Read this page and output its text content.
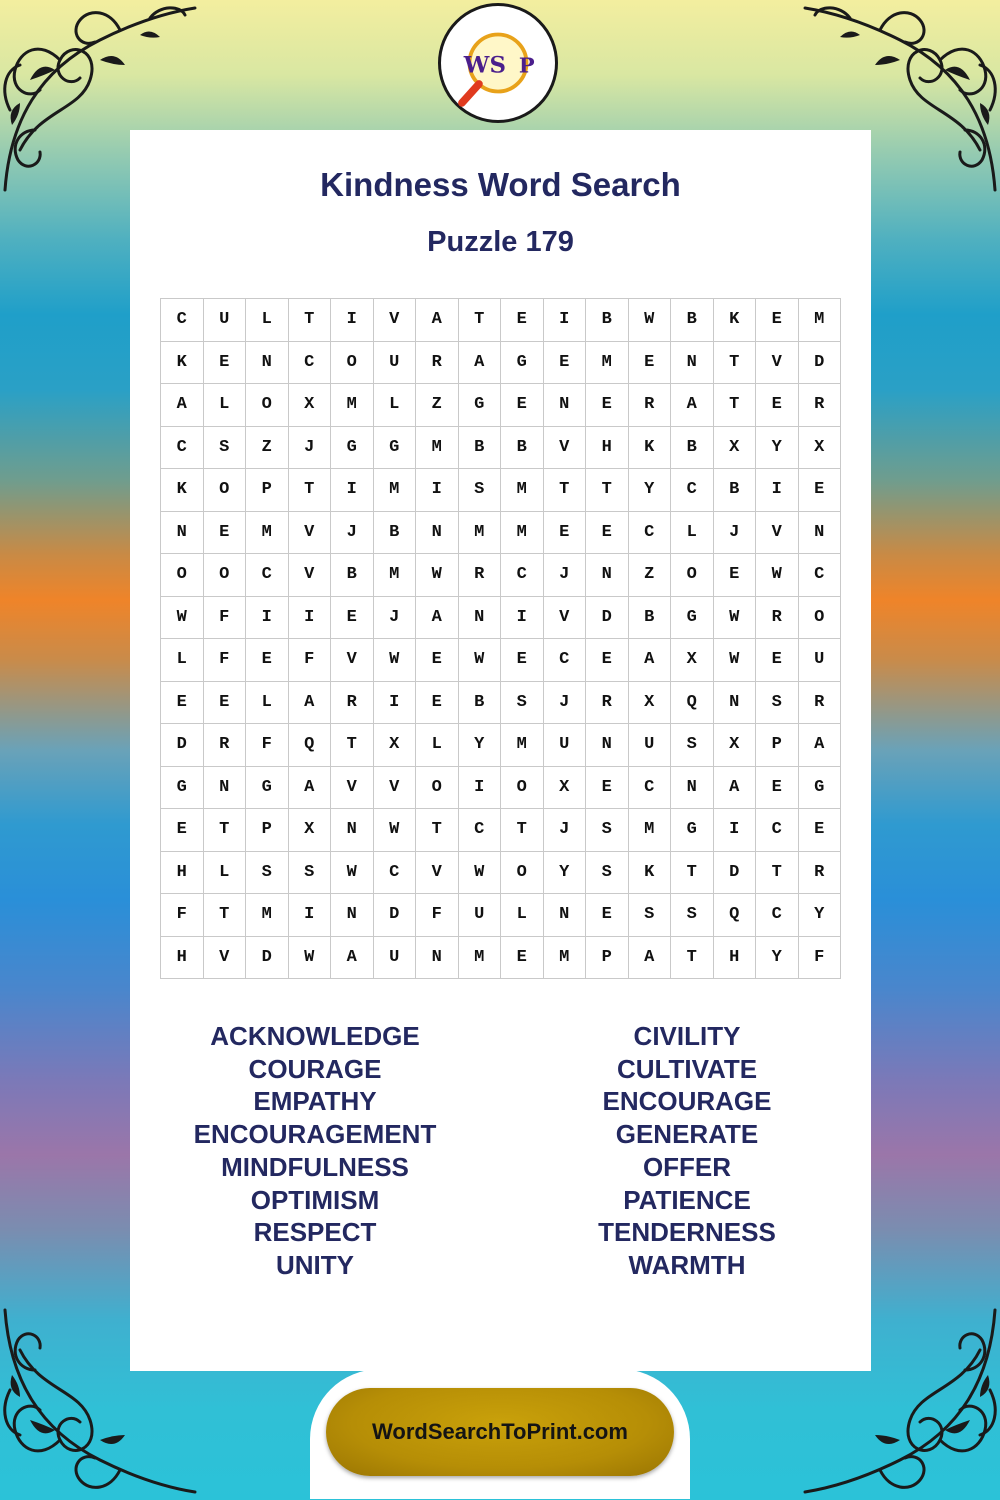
Kindness Word Search
Puzzle 179
C	U	L	T	I	V	A	T	E	I	B	W	B	K	E	M
K	E	N	C	O	U	R	A	G	E	M	E	N	T	V	D
A	L	O	X	M	L	Z	G	E	N	E	R	A	T	E	R
C	S	Z	J	G	G	M	B	B	V	H	K	B	X	Y	X
K	O	P	T	I	M	I	S	M	T	T	Y	C	B	I	E
N	E	M	V	J	B	N	M	M	E	E	C	L	J	V	N
O	O	C	V	B	M	W	R	C	J	N	Z	O	E	W	C
W	F	I	I	E	J	A	N	I	V	D	B	G	W	R	O
L	F	E	F	V	W	E	W	E	C	E	A	X	W	E	U
E	E	L	A	R	I	E	B	S	J	R	X	Q	N	S	R
D	R	F	Q	T	X	L	Y	M	U	N	U	S	X	P	A
G	N	G	A	V	V	O	I	O	X	E	C	N	A	E	G
E	T	P	X	N	W	T	C	T	J	S	M	G	I	C	E
H	L	S	S	W	C	V	W	O	Y	S	K	T	D	T	R
F	T	M	I	N	D	F	U	L	N	E	S	S	Q	C	Y
H	V	D	W	A	U	N	M	E	M	P	A	T	H	Y	F
ACKNOWLEDGE
COURAGE
EMPATHY
ENCOURAGEMENT
MINDFULNESS
OPTIMISM
RESPECT
UNITY
CIVILITY
CULTIVATE
ENCOURAGE
GENERATE
OFFER
PATIENCE
TENDERNESS
WARMTH
W S P
WordSearchToPrint.com
